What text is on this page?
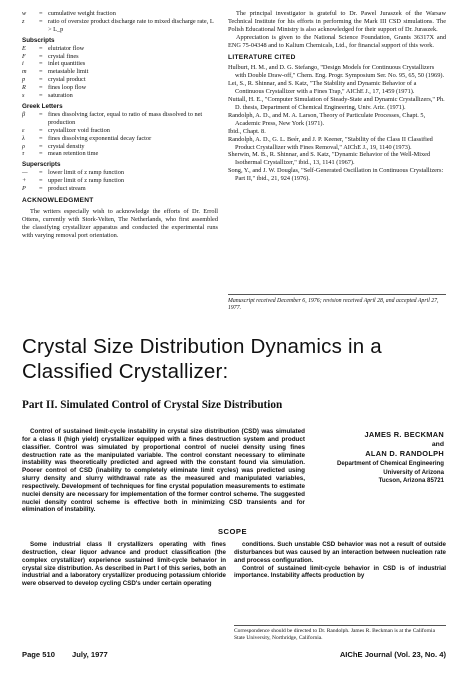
w	= cumulative weight fraction
z	= ratio of oversize product discharge rate to mixed discharge rate, L > L_p
Subscripts
E	= elutriator flow
F	= crystal fines
i	= inlet quantities
m	= metastable limit
p	= crystal product
R	= fines loop flow
s	= saturation
Greek Letters
β	= fines dissolving factor, equal to ratio of mass dissolved to net production
ε	= crystallizer void fraction
λ	= fines dissolving exponential decay factor
ρ	= crystal density
τ	= mean retention time
Superscripts
—	= lower limit of z ramp function
+	= upper limit of z ramp function
P	= product stream
ACKNOWLEDGMENT

The writers especially wish to acknowledge the efforts of Dr. Erroll Ottens, currently with Stork-Velten, The Netherlands, who first assembled the classifying crystallizer apparatus and conducted the experimental runs with varying removal port orientation.

The principal investigator is grateful to Dr. Pawel Juraszek of the Warsaw Technical Institute for his efforts in performing the Mark III CSD simulations. The Polish Educational Ministry is also acknowledged for their support of Dr. Juraszek.

Appreciation is given to the National Science Foundation, Grants 36317X and ENG 75-04348 and to Kalium Chemicals, Ltd., for financial support of this work.

LITERATURE CITED
Hulburt, H. M., and D. G. Stefango, "Design Models for Continuous Crystallizers with Double Draw-off," Chem. Eng. Progr. Symposium Ser. No. 95, 65, 50 (1969).
Lei, S., R. Shinnar, and S. Katz, "The Stability and Dynamic Behavior of a Continuous Crystallizer with a Fines Trap," AIChE J., 17, 1459 (1971).
Nuttall, H. E., "Computer Simulation of Steady-State and Dynamic Crystallizers," Ph. D. thesis, Department of Chemical Engineering, Univ. Ariz. (1971).
Randolph, A. D., and M. A. Larson, Theory of Particulate Processes, Chapt. 5, Academic Press, New York (1971).
Ibid., Chapt. 8.
Randolph, A. D., G. L. Beér, and J. P. Keener, "Stability of the Class II Classified Product Crystallizer with Fines Removal," AIChE J., 19, 1140 (1973).
Sherwin, M. B., R. Shinnar, and S. Katz, "Dynamic Behavior of the Well-Mixed Isothermal Crystallizer," ibid., 13, 1141 (1967).
Song, Y., and J. W. Douglas, "Self-Generated Oscillation in Continuous Crystallizers: Part II," ibid., 21, 924 (1976).
Manuscript received December 6, 1976; revision received April 28, and accepted April 27, 1977.
Crystal Size Distribution Dynamics in a Classified Crystallizer:
Part II. Simulated Control of Crystal Size Distribution

Control of sustained limit-cycle instability in crystal size distribution (CSD) was simulated for a class II (high yield) crystallizer equipped with a fines destruction system and product classifier. Control was simulated by proportional control of nuclei density using fines destruction rate as the manipulated variable. The control constant necessary to eliminate instability was theoretically predicted and agreed with the constant found via simulation. Poorer control of CSD (inability to completely eliminate limit cycles) was predicted using slurry density and slurry withdrawal rate as the measured and manipulated variables, respectively. Development of techniques for fine crystal population measurements to estimate nuclei density are necessary for implementation of the former control scheme. The suggested nuclei density control scheme is effective both in minimizing CSD transients and for elimination of instability.

JAMES R. BECKMAN
and
ALAN D. RANDOLPH
Department of Chemical Engineering
University of Arizona
Tucson, Arizona 85721
SCOPE

Some industrial class II crystallizers operating with fines destruction, clear liquor advance and product classification (the complex crystallizer) experience sustained limit-cycle behavior in crystal size distribution. As described in Part I of this series, both an industrial and a laboratory crystallizer producing potassium chloride were observed to develop cycling CSD's under certain operating

conditions. Such unstable CSD behavior was not a result of outside disturbances but was caused by an interaction between nucleation rate and process configuration.

Control of sustained limit-cycle behavior in CSD is of industrial importance. Instability affects production by

Correspondence should be directed to Dr. Randolph. James R. Beckman is at the California State University, Northridge, California.
Page 510	July, 1977	AIChE Journal (Vol. 23, No. 4)
